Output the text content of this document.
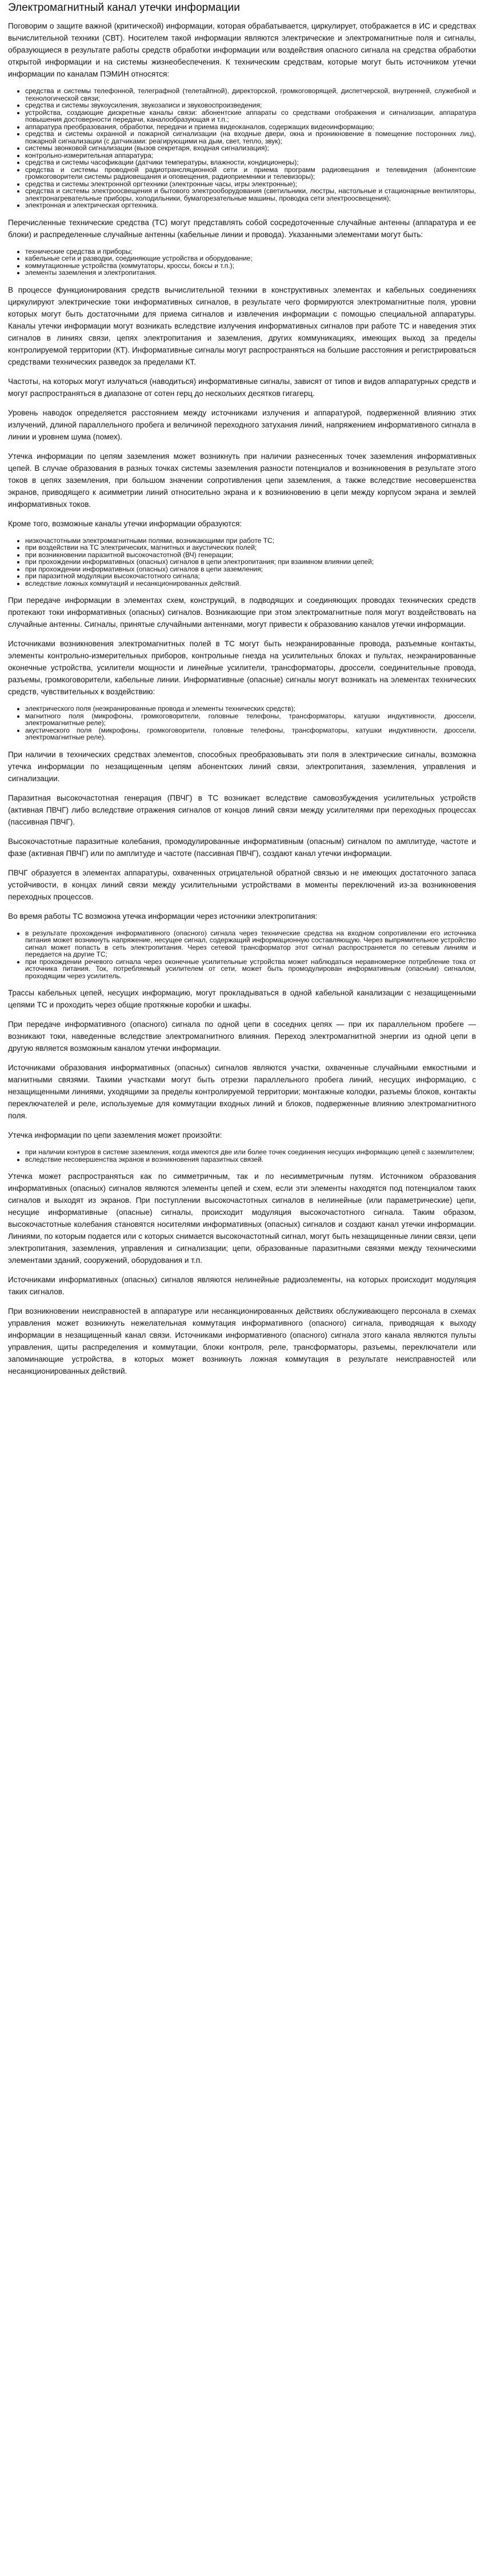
Электромагнитный канал утечки информации

Поговорим о защите важной (критической) информации, которая обрабатывается, циркулирует, отображается в ИС и средствах вычислительной техники (СВТ). Носителем такой информации являются электрические и электромагнитные поля и сигналы, образующиеся в результате работы средств обработки информации или воздействия опасного сигнала на средства обработки открытой информации и на системы жизнеобеспечения. К техническим средствам, которые могут быть источником утечки информации по каналам ПЭМИН относятся:

• средства и системы телефонной, телеграфной (телетайпной), директорской, громкоговорящей, диспетчерской, внутренней, служебной и технологической связи;
• средства и системы звукоусиления, звукозаписи и звуковоспроизведения;
• устройства, создающие дискретные каналы связи: абонентские аппараты со средствами отображения и сигнализации, аппаратура повышения достоверности передачи, каналообразующая и т.п.;
• аппаратура преобразования, обработки, передачи и приема видеоканалов, содержащих видеоинформацию;
• средства и системы охранной и пожарной сигнализации (на входные двери, окна и проникновение в помещение посторонних лиц), пожарной сигнализации (с датчиками: реагирующими на дым, свет, тепло, звук);
• системы звонковой сигнализации (вызов секретаря, входная сигнализация);
• контрольно-измерительная аппаратура;
• средства и системы часофикации (датчики температуры, влажности, кондиционеры);
• средства и системы проводной радиотрансляционной сети и приема программ радиовещания и телевидения (абонентские громкоговорители системы радиовещания и оповещения, радиоприемники и телевизоры);
• средства и системы электронной оргтехники (электронные часы, игры электронные);
• средства и системы электроосвещения и бытового электрооборудования (светильники, люстры, настольные и стационарные вентиляторы, электронагревательные приборы, холодильники, бумагорезательные машины, проводка сети электроосвещения);
• электронная и электрическая оргтехника.

Перечисленные технические средства (ТС) могут представлять собой сосредоточенные случайные антенны (аппаратура и ее блоки) и распределенные случайные антенны (кабельные линии и провода). Указанными элементами могут быть:

• технические средства и приборы;
• кабельные сети и разводки, соединяющие устройства и оборудование;
• коммутационные устройства (коммутаторы, кроссы, боксы и т.п.);
• элементы заземления и электропитания.

В процессе функционирования средств вычислительной техники в конструктивных элементах и кабельных соединениях циркулируют электрические токи информативных сигналов, в результате чего формируются электромагнитные поля, уровни которых могут быть достаточными для приема сигналов и извлечения информации с помощью специальной аппаратуры. Каналы утечки информации могут возникать вследствие излучения информативных сигналов при работе ТС и наведения этих сигналов в линиях связи, цепях электропитания и заземления, других коммуникациях, имеющих выход за пределы контролируемой территории (КТ). Информативные сигналы могут распространяться на большие расстояния и регистрироваться средствами технических разведок за пределами КТ.

Частоты, на которых могут излучаться (наводиться) информативные сигналы, зависят от типов и видов аппаратурных средств и могут распространяться в диапазоне от сотен герц до нескольких десятков гигагерц.

Уровень наводок определяется расстоянием между источниками излучения и аппаратурой, подверженной влиянию этих излучений, длиной параллельного пробега и величиной переходного затухания линий, напряжением информативного сигнала в линии и уровнем шума (помех).

Утечка информации по цепям заземления может возникнуть при наличии разнесенных точек заземления информативных цепей. В случае образования в разных точках системы заземления разности потенциалов и возникновения в результате этого токов в цепях заземления, при большом значении сопротивления цепи заземления, а также вследствие несовершенства экранов, приводящего к асимметрии линий относительно экрана и к возникновению в цепи между корпусом экрана и землей информативных токов.

Кроме того, возможные каналы утечки информации образуются:

• низкочастотными электромагнитными полями, возникающими при работе ТС;
• при воздействии на ТС электрических, магнитных и акустических полей;
• при возникновении паразитной высокочастотной (ВЧ) генерации;
• при прохождении информативных (опасных) сигналов в цепи электропитания; при взаимном влиянии цепей;
• при прохождении информативных (опасных) сигналов в цепи заземления;
• при паразитной модуляции высокочастотного сигнала;
• вследствие ложных коммутаций и несанкционированных действий.

При передаче информации в элементах схем, конструкций, в подводящих и соединяющих проводах технических средств протекают токи информативных (опасных) сигналов. Возникающие при этом электромагнитные поля могут воздействовать на случайные антенны. Сигналы, принятые случайными антеннами, могут привести к образованию каналов утечки информации.

Источниками возникновения электромагнитных полей в ТС могут быть неэкранированные провода, разъемные контакты, элементы контрольно-измерительных приборов, контрольные гнезда на усилительных блоках и пультах, неэкранированные оконечные устройства, усилители мощности и линейные усилители, трансформаторы, дроссели, соединительные провода, разъемы, громкоговорители, кабельные линии. Информативные (опасные) сигналы могут возникать на элементах технических средств, чувствительных к воздействию:

• электрического поля (неэкранированные провода и элементы технических средств);
• магнитного поля (микрофоны, громкоговорители, головные телефоны, трансформаторы, катушки индуктивности, дроссели, электромагнитные реле);
• акустического поля (микрофоны, громкоговорители, головные телефоны, трансформаторы, катушки индуктивности, дроссели, электромагнитные реле).

При наличии в технических средствах элементов, способных преобразовывать эти поля в электрические сигналы, возможна утечка информации по незащищенным цепям абонентских линий связи, электропитания, заземления, управления и сигнализации.

Паразитная высокочастотная генерация (ПВЧГ) в ТС возникает вследствие самовозбуждения усилительных устройств (активная ПВЧГ) либо вследствие отражения сигналов от концов линий связи между усилителями при переходных процессах (пассивная ПВЧГ).

Высокочастотные паразитные колебания, промодулированные информативным (опасным) сигналом по амплитуде, частоте и фазе (активная ПВЧГ) или по амплитуде и частоте (пассивная ПВЧГ), создают канал утечки информации.

ПВЧГ образуется в элементах аппаратуры, охваченных отрицательной обратной связью и не имеющих достаточного запаса устойчивости, в концах линий связи между усилительными устройствами в моменты переключений из-за возникновения переходных процессов.

Во время работы ТС возможна утечка информации через источники электропитания:

• в результате прохождения информативного (опасного) сигнала через технические средства на входном сопротивлении его источника питания может возникнуть напряжение, несущее сигнал, содержащий информационную составляющую. Через выпрямительное устройство сигнал может попасть в сеть электропитания. Через сетевой трансформатор этот сигнал распространяется по сетевым линиям и передается на другие ТС;
• при прохождении речевого сигнала через оконечные усилительные устройства может наблюдаться неравномерное потребление тока от источника питания. Ток, потребляемый усилителем от сети, может быть промодулирован информативным (опасным) сигналом, проходящим через усилитель.

Трассы кабельных цепей, несущих информацию, могут прокладываться в одной кабельной канализации с незащищенными цепями ТС и проходить через общие протяжные коробки и шкафы.

При передаче информативного (опасного) сигнала по одной цепи в соседних цепях — при их параллельном пробеге — возникают токи, наведенные вследствие электромагнитного влияния. Переход электромагнитной энергии из одной цепи в другую является возможным каналом утечки информации.

Источниками образования информативных (опасных) сигналов являются участки, охваченные случайными емкостными и магнитными связями. Такими участками могут быть отрезки параллельного пробега линий, несущих информацию, с незащищенными линиями, уходящими за пределы контролируемой территории; монтажные колодки, разъемы блоков, контакты переключателей и реле, используемые для коммутации входных линий и блоков, подверженные влиянию электромагнитного поля.

Утечка информации по цепи заземления может произойти:

• при наличии контуров в системе заземления, когда имеются две или более точек соединения несущих информацию цепей с заземлителем;
• вследствие несовершенства экранов и возникновения паразитных связей.

Утечка может распространяться как по симметричным, так и по несимметричным путям. Источником образования информативных (опасных) сигналов являются элементы цепей и схем, если эти элементы находятся под потенциалом таких сигналов и выходят из экранов. При поступлении высокочастотных сигналов в нелинейные (или параметрические) цепи, несущие информативные (опасные) сигналы, происходит модуляция высокочастотного сигнала. Таким образом, высокочастотные колебания становятся носителями информативных (опасных) сигналов и создают канал утечки информации. Линиями, по которым подается или с которых снимается высокочастотный сигнал, могут быть незащищенные линии связи, цепи электропитания, заземления, управления и сигнализации; цепи, образованные паразитными связями между техническими элементами зданий, сооружений, оборудования и т.п.

Источниками информативных (опасных) сигналов являются нелинейные радиоэлементы, на которых происходит модуляция таких сигналов.

При возникновении неисправностей в аппаратуре или несанкционированных действиях обслуживающего персонала в схемах управления может возникнуть нежелательная коммутация информативного (опасного) сигнала, приводящая к выходу информации в незащищенный канал связи. Источниками информативного (опасного) сигнала этого канала являются пульты управления, щиты распределения и коммутации, блоки контроля, реле, трансформаторы, разъемы, переключатели или запоминающие устройства, в которых может возникнуть ложная коммутация в результате неисправностей или несанкционированных действий.
